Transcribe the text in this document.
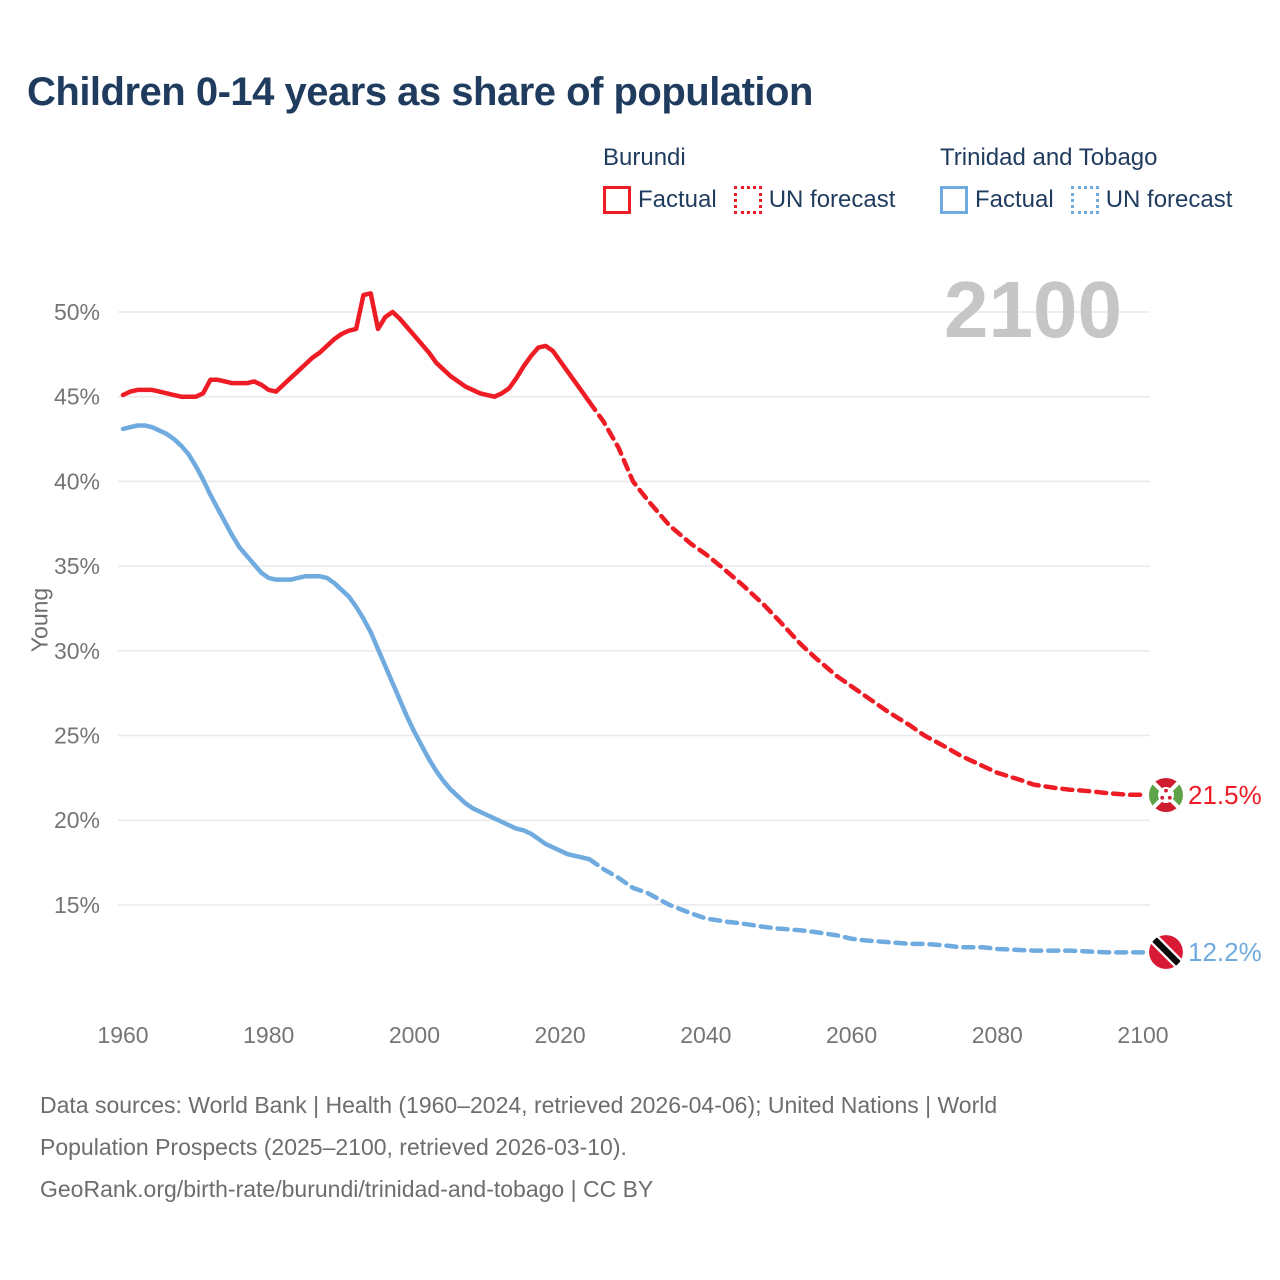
Children 0-14 years as share of population
Burundi
Factual UN forecast
Trinidad and Tobago
Factual UN forecast
50%
45%
40%
35%
30%
25%
20%
15%
1960	1980	2000	2020	2040	2060	2080	2100
2100
Young
21.5%
12.2%
Data sources: World Bank | Health (1960–2024, retrieved 2026-04-06); United Nations | World
Population Prospects (2025–2100, retrieved 2026-03-10).
GeoRank.org/birth-rate/burundi/trinidad-and-tobago | CC BY
